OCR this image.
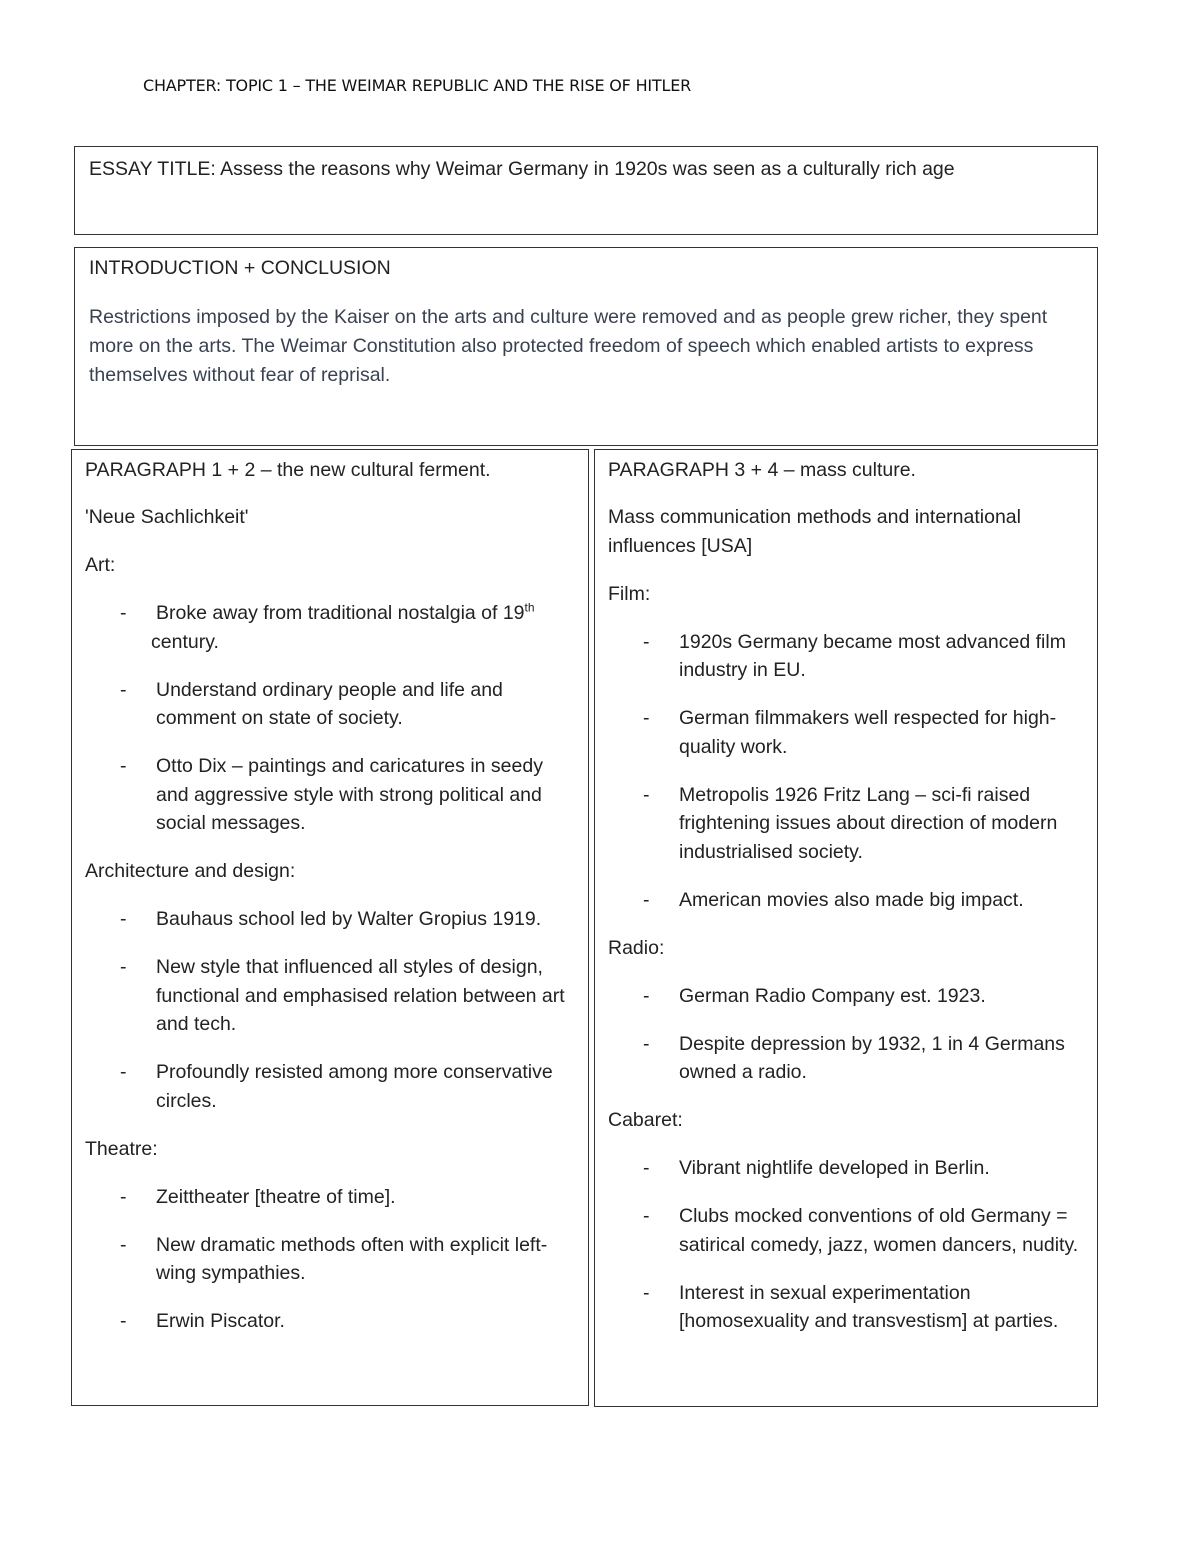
CHAPTER: TOPIC 1 – THE WEIMAR REPUBLIC AND THE RISE OF HITLER

ESSAY TITLE: Assess the reasons why Weimar Germany in 1920s was seen as a culturally rich age

INTRODUCTION + CONCLUSION

Restrictions imposed by the Kaiser on the arts and culture were removed and as people grew richer, they spent more on the arts. The Weimar Constitution also protected freedom of speech which enabled artists to express themselves without fear of reprisal.

PARAGRAPH 1 + 2 – the new cultural ferment.

'Neue Sachlichkeit'

Art:

- Broke away from traditional nostalgia of 19th
century.
- Understand ordinary people and life and comment on state of society.
- Otto Dix – paintings and caricatures in seedy and aggressive style with strong political and social messages.

Architecture and design:

- Bauhaus school led by Walter Gropius 1919.
- New style that influenced all styles of design, functional and emphasised relation between art and tech.
- Profoundly resisted among more conservative circles.

Theatre:

- Zeittheater [theatre of time].
- New dramatic methods often with explicit left-wing sympathies.
- Erwin Piscator.

PARAGRAPH 3 + 4 – mass culture.

Mass communication methods and international influences [USA]

Film:

- 1920s Germany became most advanced film industry in EU.
- German filmmakers well respected for high-quality work.
- Metropolis 1926 Fritz Lang – sci-fi raised frightening issues about direction of modern industrialised society.
- American movies also made big impact.

Radio:

- German Radio Company est. 1923.
- Despite depression by 1932, 1 in 4 Germans owned a radio.

Cabaret:

- Vibrant nightlife developed in Berlin.
- Clubs mocked conventions of old Germany = satirical comedy, jazz, women dancers, nudity.
- Interest in sexual experimentation [homosexuality and transvestism] at parties.
